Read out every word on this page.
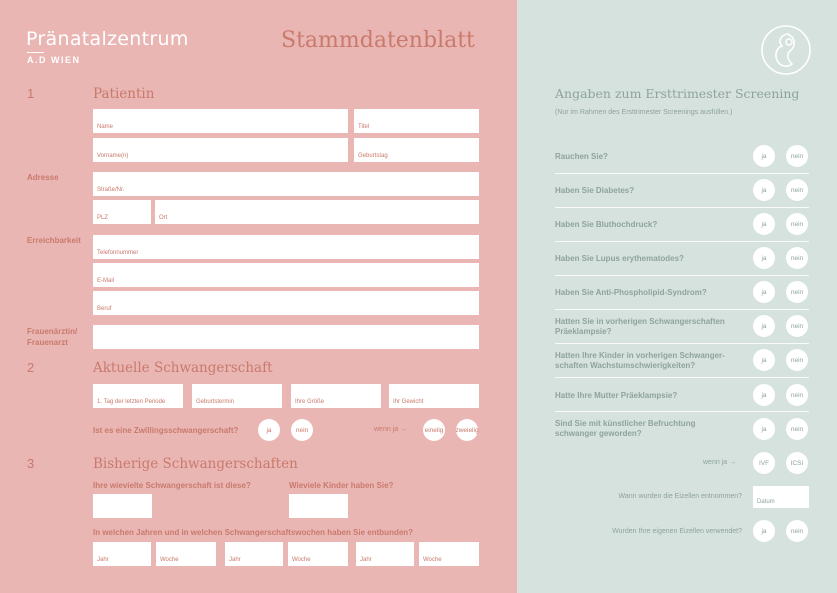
Pränatalzentrum
A.D WIEN
Stammdatenblatt
1	Patientin
Name	Titel
Vorname(n)	Geburtstag
Adresse
Straße/Nr.
PLZ	Ort
Erreichbarkeit
Telefonnummer
E-Mail
Beruf
Frauenärztin/
Frauenarzt
2	Aktuelle Schwangerschaft
1. Tag der letzten Periode	Geburtstermin	Ihre Größe	Ihr Gewicht
Ist es eine Zwillingsschwangerschaft?	ja	nein	wenn ja →	einelig zweielig
3	Bisherige Schwangerschaften
Ihre wievielte Schwangerschaft ist diese?	Wieviele Kinder haben Sie?
In welchen Jahren und in welchen Schwangerschaftswochen haben Sie entbunden?
Jahr	Woche	Jahr	Woche	Jahr	Woche
Angaben zum Ersttrimester Screening
(Nur im Rahmen des Ersttrimester Screenings ausfüllen.)
Rauchen Sie?	ja	nein
Haben Sie Diabetes?	ja	nein
Haben Sie Bluthochdruck?	ja	nein
Haben Sie Lupus erythematodes?	ja	nein
Haben Sie Anti-Phospholipid-Syndrom?	ja	nein
Hatten Sie in vorherigen Schwangerschaften Präeklampsie?
ja	nein
Hatten Ihre Kinder in vorherigen Schwanger-schaften Wachstumschwierigkeiten?
ja	nein
Hatte Ihre Mutter Präeklampsie?	ja	nein
Sind Sie mit künstlicher Befruchtung schwanger geworden?	ja	nein
wenn ja →	IVF	ICSI
Wann wurden die Eizellen entnommen?
Datum
Wurden Ihre eigenen Eizellen verwendet?	ja	nein
